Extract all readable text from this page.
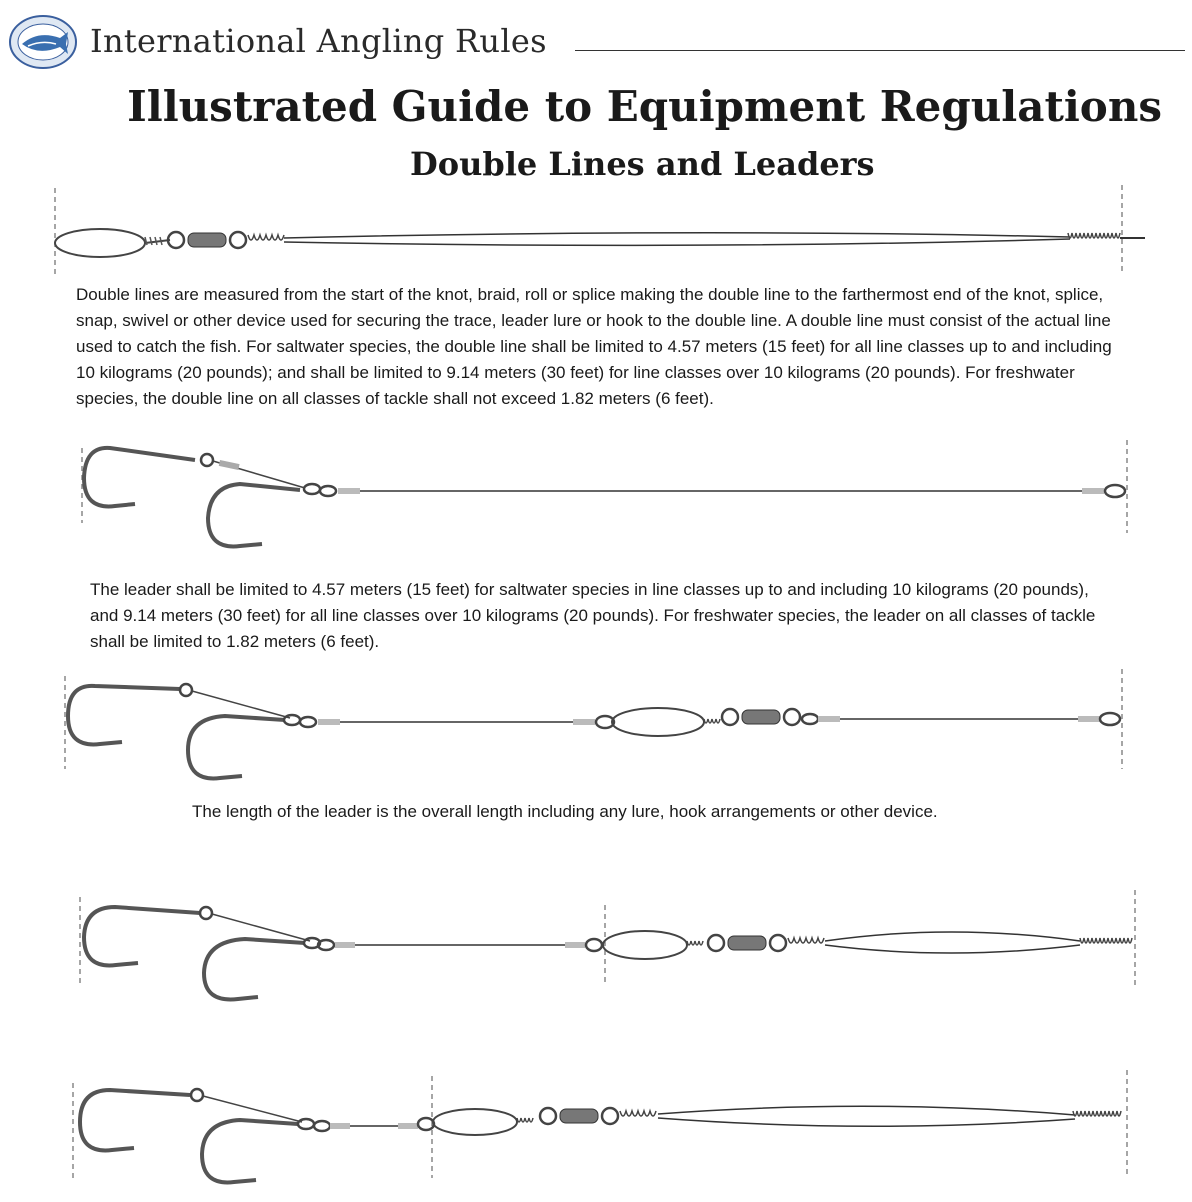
International Angling Rules
Illustrated Guide to Equipment Regulations
Double Lines and Leaders
Double lines are measured from the start of the knot, braid, roll or splice making the double line to the farthermost end of the knot, splice, snap, swivel or other device used for securing the trace, leader lure or hook to the double line. A double line must consist of the actual line used to catch the fish. For saltwater species, the double line shall be limited to 4.57 meters (15 feet) for all line classes up to and including 10 kilograms (20 pounds); and shall be limited to 9.14 meters (30 feet) for line classes over 10 kilograms (20 pounds). For freshwater species, the double line on all classes of tackle shall not exceed 1.82 meters (6 feet).
The leader shall be limited to 4.57 meters (15 feet) for saltwater species in line classes up to and including 10 kilograms (20 pounds), and 9.14 meters (30 feet) for all line classes over 10 kilograms (20 pounds). For freshwater species, the leader on all classes of tackle shall be limited to 1.82 meters (6 feet).
The length of the leader is the overall length including any lure, hook arrangements or other device.
